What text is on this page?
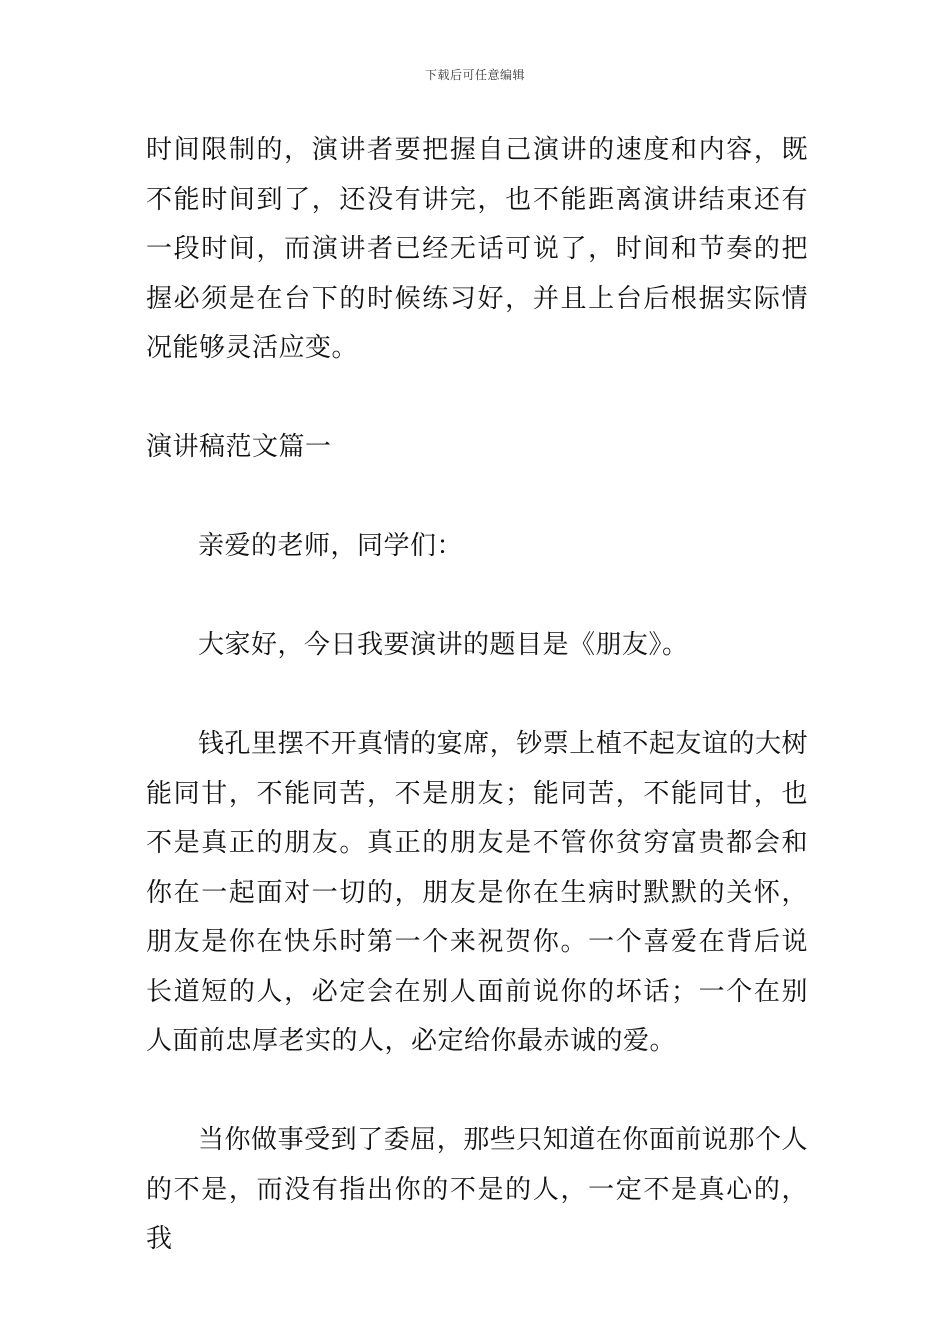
下载后可任意编辑

时间限制的，演讲者要把握自己演讲的速度和内容，既不能时间到了，还没有讲完，也不能距离演讲结束还有一段时间，而演讲者已经无话可说了，时间和节奏的把握必须是在台下的时候练习好，并且上台后根据实际情况能够灵活应变。

演讲稿范文篇一

亲爱的老师，同学们：

大家好，今日我要演讲的题目是《朋友》。

钱孔里摆不开真情的宴席，钞票上植不起友谊的大树能同甘，不能同苦，不是朋友；能同苦，不能同甘，也不是真正的朋友。真正的朋友是不管你贫穷富贵都会和你在一起面对一切的，朋友是你在生病时默默的关怀，朋友是你在快乐时第一个来祝贺你。一个喜爱在背后说长道短的人，必定会在别人面前说你的坏话；一个在别人面前忠厚老实的人，必定给你最赤诚的爱。

当你做事受到了委屈，那些只知道在你面前说那个人的不是，而没有指出你的不是的人，一定不是真心的，我
